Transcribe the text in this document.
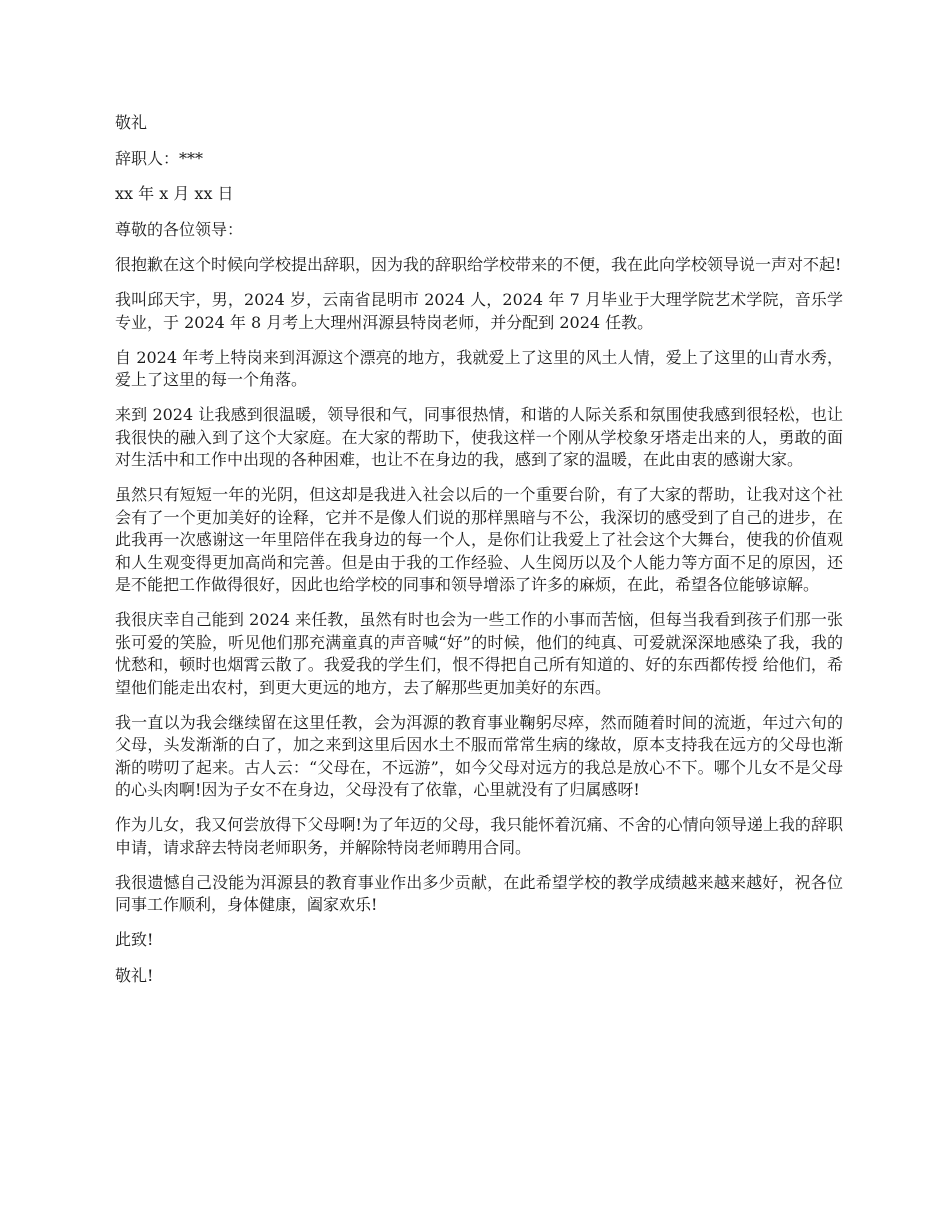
敬礼

辞职人：***

xx 年 x 月 xx 日

尊敬的各位领导：

很抱歉在这个时候向学校提出辞职，因为我的辞职给学校带来的不便，我在此向学校领导说一声对不起!

我叫邱天宇，男，2024 岁，云南省昆明市 2024 人，2024 年 7 月毕业于大理学院艺术学院，音乐学专业，于 2024 年 8 月考上大理州洱源县特岗老师，并分配到 2024 任教。

自 2024 年考上特岗来到洱源这个漂亮的地方，我就爱上了这里的风土人情，爱上了这里的山青水秀，爱上了这里的每一个角落。

来到 2024 让我感到很温暖，领导很和气，同事很热情，和谐的人际关系和氛围使我感到很轻松，也让我很快的融入到了这个大家庭。在大家的帮助下，使我这样一个刚从学校象牙塔走出来的人，勇敢的面对生活中和工作中出现的各种困难，也让不在身边的我，感到了家的温暖，在此由衷的感谢大家。

虽然只有短短一年的光阴，但这却是我进入社会以后的一个重要台阶，有了大家的帮助，让我对这个社会有了一个更加美好的诠释，它并不是像人们说的那样黑暗与不公，我深切的感受到了自己的进步，在此我再一次感谢这一年里陪伴在我身边的每一个人，是你们让我爱上了社会这个大舞台，使我的价值观和人生观变得更加高尚和完善。但是由于我的工作经验、人生阅历以及个人能力等方面不足的原因，还是不能把工作做得很好，因此也给学校的同事和领导增添了许多的麻烦，在此，希望各位能够谅解。

我很庆幸自己能到 2024 来任教，虽然有时也会为一些工作的小事而苦恼，但每当我看到孩子们那一张张可爱的笑脸，听见他们那充满童真的声音喊“好”的时候，他们的纯真、可爱就深深地感染了我，我的忧愁和，顿时也烟霄云散了。我爱我的学生们，恨不得把自己所有知道的、好的东西都传授 给他们，希望他们能走出农村，到更大更远的地方，去了解那些更加美好的东西。

我一直以为我会继续留在这里任教，会为洱源的教育事业鞠躬尽瘁，然而随着时间的流逝，年过六旬的父母，头发渐渐的白了，加之来到这里后因水土不服而常常生病的缘故，原本支持我在远方的父母也渐渐的唠叨了起来。古人云：“父母在，不远游”，如今父母对远方的我总是放心不下。哪个儿女不是父母的心头肉啊!因为子女不在身边，父母没有了依靠，心里就没有了归属感呀!

作为儿女，我又何尝放得下父母啊!为了年迈的父母，我只能怀着沉痛、不舍的心情向领导递上我的辞职申请，请求辞去特岗老师职务，并解除特岗老师聘用合同。

我很遗憾自己没能为洱源县的教育事业作出多少贡献，在此希望学校的教学成绩越来越来越好，祝各位同事工作顺利，身体健康，阖家欢乐!

此致!

敬礼!
